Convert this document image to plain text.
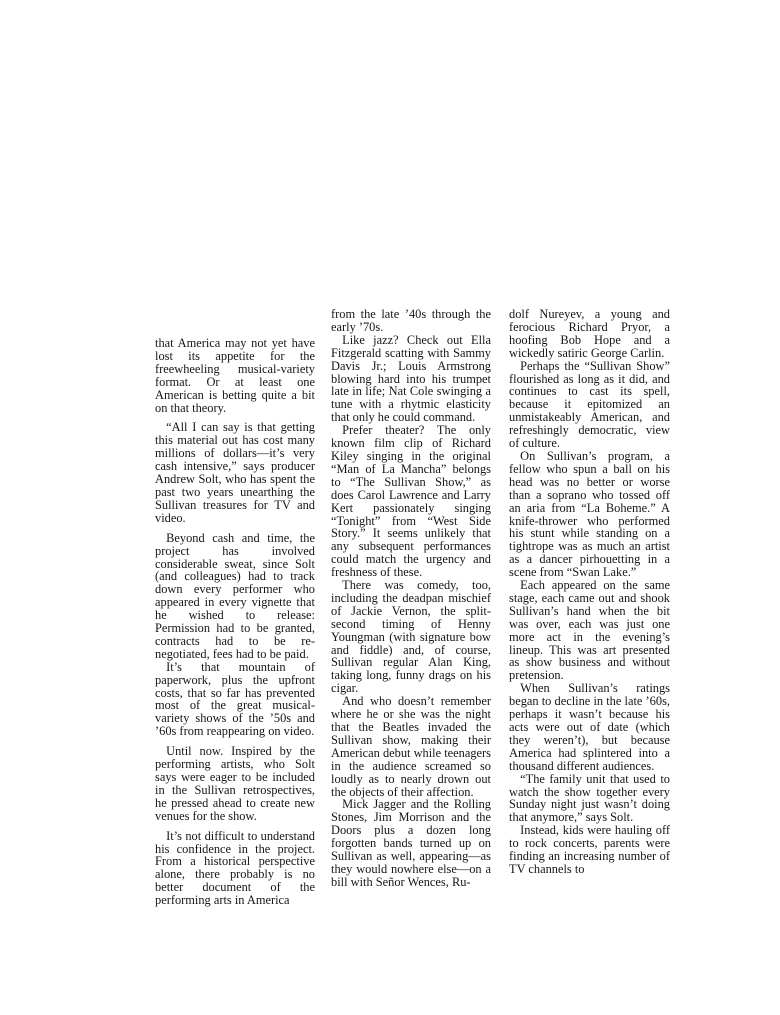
that America may not yet have lost its appetite for the freewheeling musical-variety format. Or at least one American is betting quite a bit on that theory.

“All I can say is that getting this material out has cost many millions of dollars—it’s very cash intensive,” says producer Andrew Solt, who has spent the past two years unearthing the Sullivan treasures for TV and video.

Beyond cash and time, the project has involved considerable sweat, since Solt (and colleagues) had to track down every performer who appeared in every vignette that he wished to release: Permission had to be granted, contracts had to be re-negotiated, fees had to be paid.

It’s that mountain of paperwork, plus the upfront costs, that so far has prevented most of the great musical-variety shows of the ’50s and ’60s from reappearing on video.

Until now. Inspired by the performing artists, who Solt says were eager to be included in the Sullivan retrospectives, he pressed ahead to create new venues for the show.

It’s not difficult to understand his confidence in the project. From a historical perspective alone, there probably is no better document of the performing arts in America

from the late ’40s through the early ’70s.

Like jazz? Check out Ella Fitzgerald scatting with Sammy Davis Jr.; Louis Armstrong blowing hard into his trumpet late in life; Nat Cole swinging a tune with a rhytmic elasticity that only he could command.

Prefer theater? The only known film clip of Richard Kiley singing in the original “Man of La Mancha” belongs to “The Sullivan Show,” as does Carol Lawrence and Larry Kert passionately singing “Tonight” from “West Side Story.” It seems unlikely that any subsequent performances could match the urgency and freshness of these.

There was comedy, too, including the deadpan mischief of Jackie Vernon, the split-second timing of Henny Youngman (with signature bow and fiddle) and, of course, Sullivan regular Alan King, taking long, funny drags on his cigar.

And who doesn’t remember where he or she was the night that the Beatles invaded the Sullivan show, making their American debut while teenagers in the audience screamed so loudly as to nearly drown out the objects of their affection.

Mick Jagger and the Rolling Stones, Jim Morrison and the Doors plus a dozen long forgotten bands turned up on Sullivan as well, appearing—as they would nowhere else—on a bill with Señor Wences, Ru-

dolf Nureyev, a young and ferocious Richard Pryor, a hoofing Bob Hope and a wickedly satiric George Carlin.

Perhaps the “Sullivan Show” flourished as long as it did, and continues to cast its spell, because it epitomized an unmistakeably American, and refreshingly democratic, view of culture.

On Sullivan’s program, a fellow who spun a ball on his head was no better or worse than a soprano who tossed off an aria from “La Boheme.” A knife-thrower who performed his stunt while standing on a tightrope was as much an artist as a dancer pirhouetting in a scene from “Swan Lake.”

Each appeared on the same stage, each came out and shook Sullivan’s hand when the bit was over, each was just one more act in the evening’s lineup. This was art presented as show business and without pretension.

When Sullivan’s ratings began to decline in the late ’60s, perhaps it wasn’t because his acts were out of date (which they weren’t), but because America had splintered into a thousand different audiences.

“The family unit that used to watch the show together every Sunday night just wasn’t doing that anymore,” says Solt.

Instead, kids were hauling off to rock concerts, parents were finding an increasing number of TV channels to
